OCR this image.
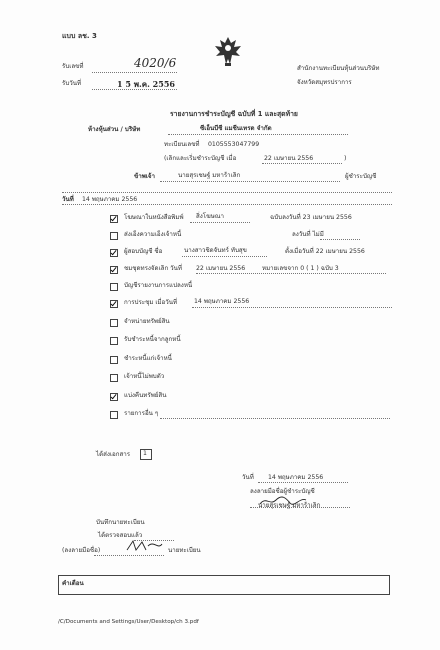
แบบ ลช. 3
รับเลขที่	4020/6
รับวันที่	1 5 พ.ค. 2556
สำนักงานทะเบียนหุ้นส่วนบริษัท
จังหวัดสมุทรปราการ
รายงานการชำระบัญชี ฉบับที่ 1 และสุดท้าย
ห้างหุ้นส่วน / บริษัท	ซีเอ็นบีซี แมชีนเทรด จำกัด
ทะเบียนเลขที่ 0105553047799
(เลิกและเริ่มชำระบัญชี เมื่อ	22 เมษายน 2556	)
ข้าพเจ้า	นายสุรเชษฐ์ มหาร้าเลิก	ผู้ชำระบัญชี
วันที่ 14 พฤษภาคม 2556
โฆษณาในหนังสือพิมพ์ สิ่งโฆษณา	ฉบับลงวันที่ 23 เมษายน 2556
ส่งเอ็งความเอ็งเจ้าหนี้	ลงวันที่ ไม่มี
ผู้สอบบัญชี ชื่อ	นางสาวชิดจันทร์ ทับสุข	ตั้งเมื่อวันที่ 22 เมษายน 2556
ชมชุดทรงจัดเลิก วันที่ 22 เมษายน 2556	หมายเลขจาก 0 ( 1 ) ฉบับ 3
บัญชีรายงานการแปลงหนี้
การประชุม เมื่อวันที่	14 พฤษภาคม 2556
จำหน่ายทรัพย์สิน
รับชำระหนี้จากลูกหนี้
ชำระหนี้แก่เจ้าหนี้
เจ้าหนี้ไม่พบตัว
แบ่งคืนทรัพย์สิน
รายการอื่น ๆ
ได้ส่งเอกสาร 1
วันที่ 14 พฤษภาคม 2556
ลงลายมือชื่อผู้ชำระบัญชี
นายสุรเชษฐ์ มหาร้าเลิก
บันทึกนายทะเบียน
ได้ตรวจสอบแล้ว
(ลงลายมือชื่อ)	นายทะเบียน
คำเตือน
/C/Documents and Settings/User/Desktop/ch 3.pdf
